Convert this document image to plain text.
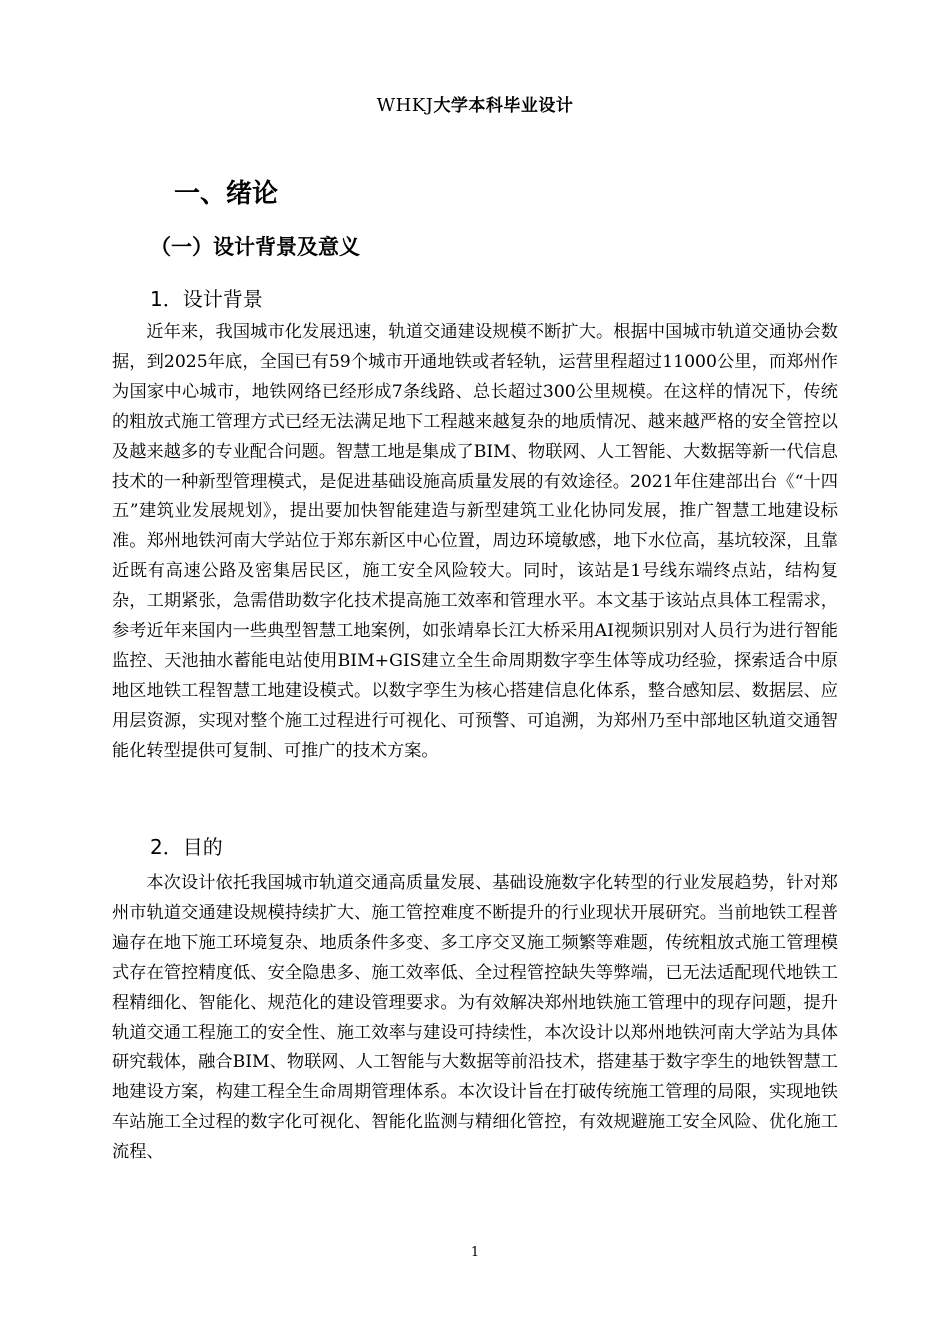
WHKJ大学本科毕业设计
一、绪论
（一）设计背景及意义
1．设计背景

近年来，我国城市化发展迅速，轨道交通建设规模不断扩大。根据中国城市轨道交通协会数据，到2025年底，全国已有59个城市开通地铁或者轻轨，运营里程超过11000公里，而郑州作为国家中心城市，地铁网络已经形成7条线路、总长超过300公里规模。在这样的情况下，传统的粗放式施工管理方式已经无法满足地下工程越来越复杂的地质情况、越来越严格的安全管控以及越来越多的专业配合问题。智慧工地是集成了BIM、物联网、人工智能、大数据等新一代信息技术的一种新型管理模式，是促进基础设施高质量发展的有效途径。2021年住建部出台《“十四五”建筑业发展规划》，提出要加快智能建造与新型建筑工业化协同发展，推广智慧工地建设标准。郑州地铁河南大学站位于郑东新区中心位置，周边环境敏感，地下水位高，基坑较深，且靠近既有高速公路及密集居民区，施工安全风险较大。同时，该站是1号线东端终点站，结构复杂，工期紧张，急需借助数字化技术提高施工效率和管理水平。本文基于该站点具体工程需求，参考近年来国内一些典型智慧工地案例，如张靖皋长江大桥采用AI视频识别对人员行为进行智能监控、天池抽水蓄能电站使用BIM+GIS建立全生命周期数字孪生体等成功经验，探索适合中原地区地铁工程智慧工地建设模式。以数字孪生为核心搭建信息化体系，整合感知层、数据层、应用层资源，实现对整个施工过程进行可视化、可预警、可追溯，为郑州乃至中部地区轨道交通智能化转型提供可复制、可推广的技术方案。

2．目的

本次设计依托我国城市轨道交通高质量发展、基础设施数字化转型的行业发展趋势，针对郑州市轨道交通建设规模持续扩大、施工管控难度不断提升的行业现状开展研究。当前地铁工程普遍存在地下施工环境复杂、地质条件多变、多工序交叉施工频繁等难题，传统粗放式施工管理模式存在管控精度低、安全隐患多、施工效率低、全过程管控缺失等弊端，已无法适配现代地铁工程精细化、智能化、规范化的建设管理要求。为有效解决郑州地铁施工管理中的现存问题，提升轨道交通工程施工的安全性、施工效率与建设可持续性，本次设计以郑州地铁河南大学站为具体研究载体，融合BIM、物联网、人工智能与大数据等前沿技术，搭建基于数字孪生的地铁智慧工地建设方案，构建工程全生命周期管理体系。本次设计旨在打破传统施工管理的局限，实现地铁车站施工全过程的数字化可视化、智能化监测与精细化管控，有效规避施工安全风险、优化施工流程、

1
